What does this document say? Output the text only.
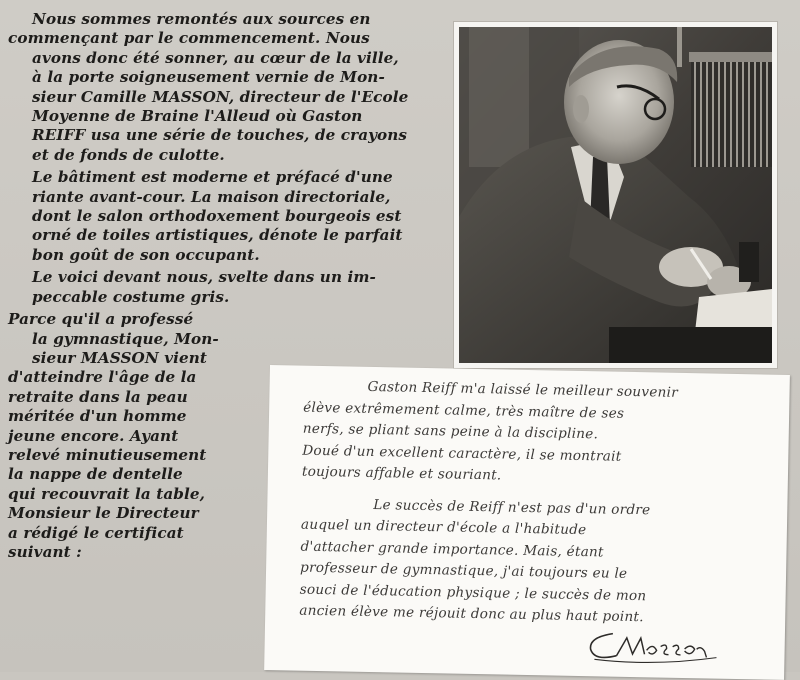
Nous sommes remontés aux sources en
commençant par le commencement. Nous
avons donc été sonner, au cœur de la ville,
à la porte soigneusement vernie de Mon-
sieur Camille MASSON, directeur de l'Ecole
Moyenne de Braine l'Alleud où Gaston
REIFF usa une série de touches, de crayons
et de fonds de culotte.

Le bâtiment est moderne et préfacé d'une
riante avant-cour. La maison directoriale,
dont le salon orthodoxement bourgeois est
orné de toiles artistiques, dénote le parfait
bon goût de son occupant.

Le voici devant nous, svelte dans un im-
peccable costume gris.

Parce qu'il a professé
la gymnastique, Mon-
sieur MASSON vient
d'atteindre l'âge de la
retraite dans la peau
méritée d'un homme
jeune encore. Ayant
relevé minutieusement
la nappe de dentelle
qui recouvrait la table,
Monsieur le Directeur
a rédigé le certificat
suivant :

Gaston Reiff m'a laissé le meilleur souvenir
élève extrêmement calme, très maître de ses
nerfs, se pliant sans peine à la discipline.
Doué d'un excellent caractère, il se montrait
toujours affable et souriant.
Le succès de Reiff n'est pas d'un ordre
auquel un directeur d'école a l'habitude
d'attacher grande importance. Mais, étant
professeur de gymnastique, j'ai toujours eu le
souci de l'éducation physique ; le succès de mon
ancien élève me réjouit donc au plus haut point.
